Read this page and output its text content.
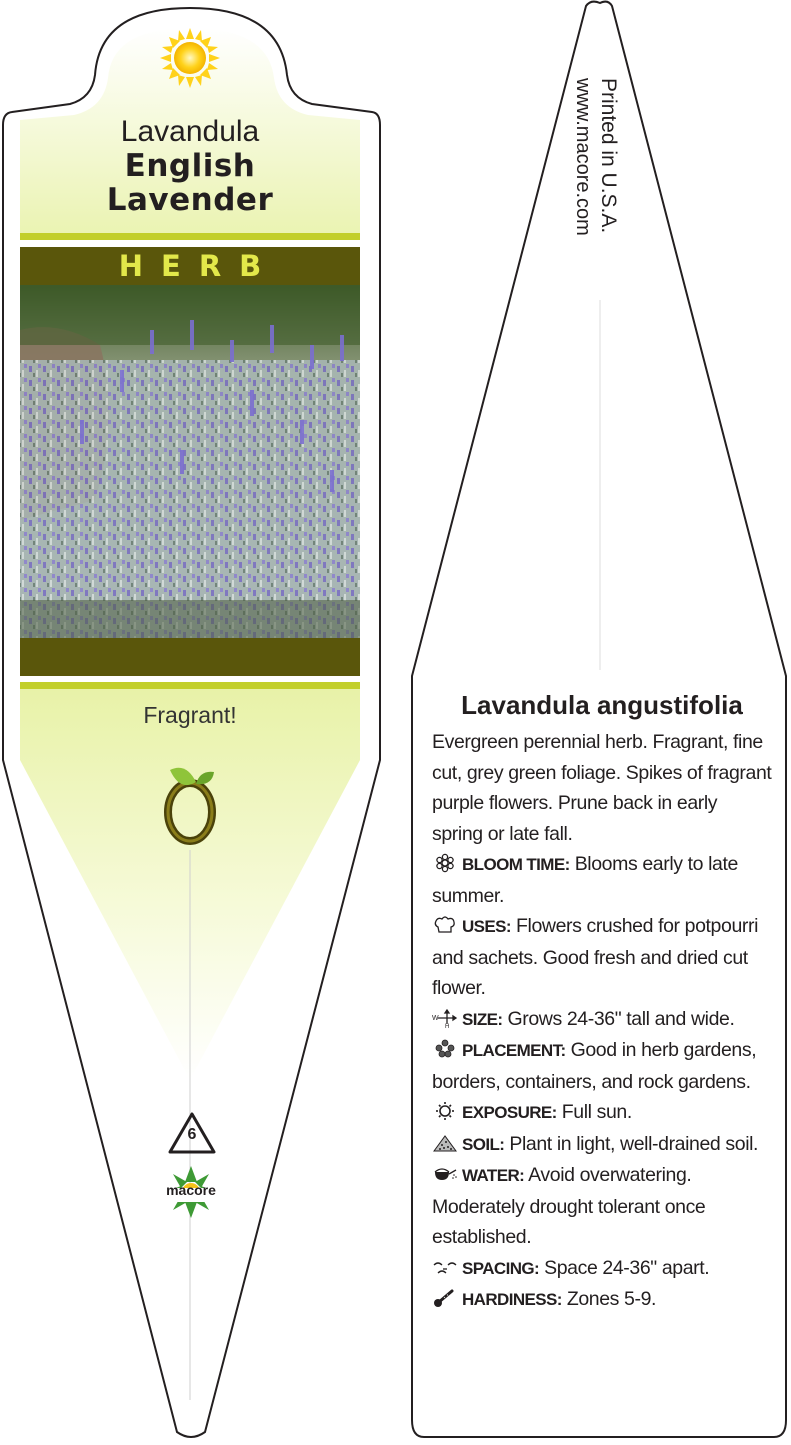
Lavandula
English
Lavender
HERB
Fragrant!
6
macore
Printed in U.S.A.
www.macore.com
Lavandula angustifolia

Evergreen perennial herb. Fragrant, fine cut, grey green foliage. Spikes of fragrant purple flowers. Prune back in early spring or late fall.

BLOOM TIME: Blooms early to late summer.
USES: Flowers crushed for potpourri and sachets. Good fresh and dried cut flower.
W
H SIZE: Grows 24-36" tall and wide.
PLACEMENT: Good in herb gardens, borders, containers, and rock gardens.
EXPOSURE: Full sun.
SOIL: Plant in light, well-drained soil.
WATER: Avoid overwatering. Moderately drought tolerant once established.
SPACING: Space 24-36" apart.
HARDINESS: Zones 5-9.
